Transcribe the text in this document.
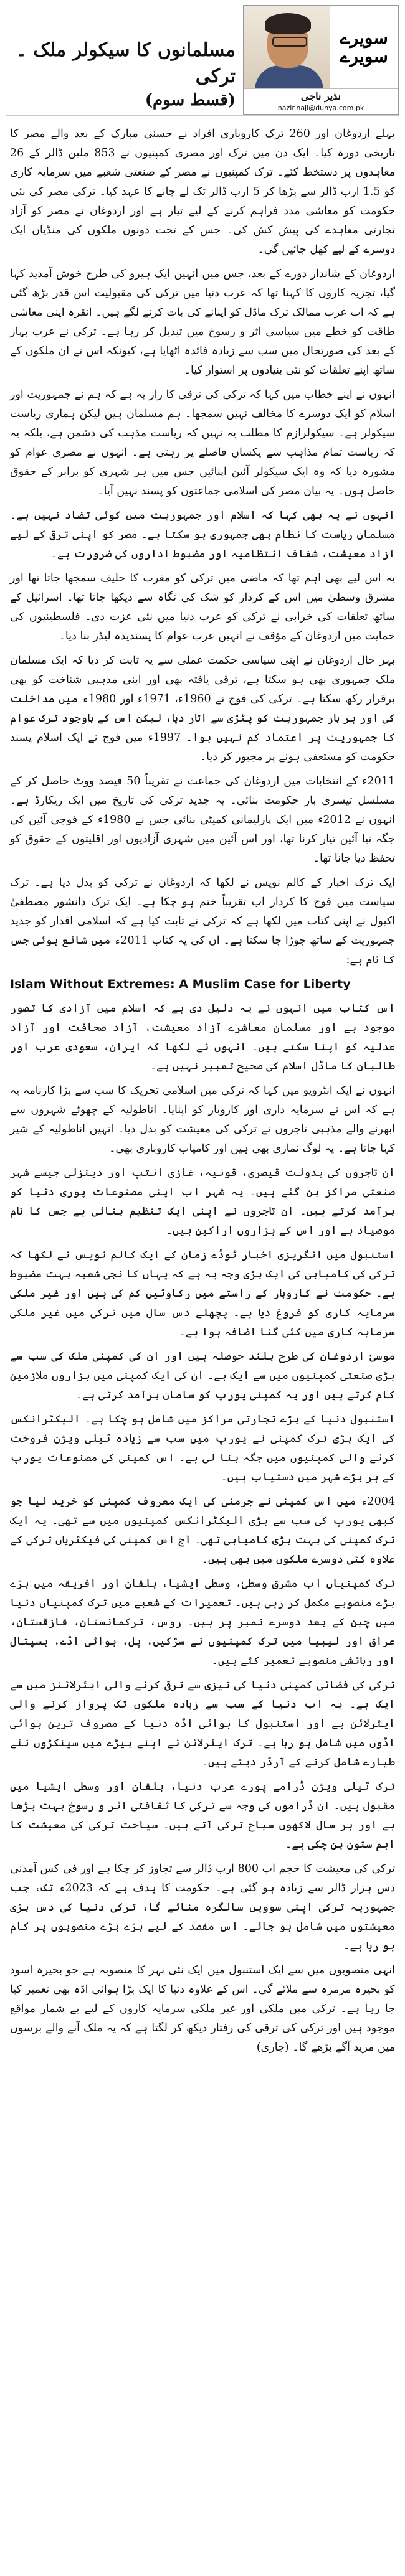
مسلمانوں کا سیکولر ملک ۔ ترکی
(قسط سوم)
سویرے
سویرے
نذیر ناجی
nazir.naji@dunya.com.pk

پہلے اردوغان اور 260 ترک کاروباری افراد نے حسنی مبارک کے بعد والے مصر کا تاریخی دورہ کیا۔ ایک دن میں ترک اور مصری کمپنیوں نے 853 ملین ڈالر کے 26 معاہدوں پر دستخط کئے۔ ترک کمپنیوں نے مصر کے صنعتی شعبے میں سرمایہ کاری کو 1.5 ارب ڈالر سے بڑھا کر 5 ارب ڈالر تک لے جانے کا عہد کیا۔ ترکی مصر کی نئی حکومت کو معاشی مدد فراہم کرنے کے لیے تیار ہے اور اردوغان نے مصر کو آزاد تجارتی معاہدے کی پیش کش کی۔ جس کے تحت دونوں ملکوں کی منڈیاں ایک دوسرے کے لیے کھل جائیں گی۔

اردوغان کے شاندار دورے کے بعد، جس میں انہیں ایک ہیرو کی طرح خوش آمدید کہا گیا، تجزیہ کاروں کا کہنا تھا کہ عرب دنیا میں ترکی کی مقبولیت اس قدر بڑھ گئی ہے کہ اب عرب ممالک ترک ماڈل کو اپنانے کی بات کرنے لگے ہیں۔ انقرہ اپنی معاشی طاقت کو خطے میں سیاسی اثر و رسوخ میں تبدیل کر رہا ہے۔ ترکی نے عرب بہار کے بعد کی صورتحال میں سب سے زیادہ فائدہ اٹھایا ہے، کیونکہ اس نے ان ملکوں کے ساتھ اپنے تعلقات کو نئی بنیادوں پر استوار کیا۔

انہوں نے اپنے خطاب میں کہا کہ ترکی کی ترقی کا راز یہ ہے کہ ہم نے جمہوریت اور اسلام کو ایک دوسرے کا مخالف نہیں سمجھا۔ ہم مسلمان ہیں لیکن ہماری ریاست سیکولر ہے۔ سیکولرازم کا مطلب یہ نہیں کہ ریاست مذہب کی دشمن ہے، بلکہ یہ کہ ریاست تمام مذاہب سے یکساں فاصلے پر رہتی ہے۔ انہوں نے مصری عوام کو مشورہ دیا کہ وہ ایک سیکولر آئین اپنائیں جس میں ہر شہری کو برابر کے حقوق حاصل ہوں۔ یہ بیان مصر کی اسلامی جماعتوں کو پسند نہیں آیا۔

انہوں نے یہ بھی کہا کہ اسلام اور جمہوریت میں کوئی تضاد نہیں ہے۔ مسلمان ریاست کا نظام بھی جمہوری ہو سکتا ہے۔ مصر کو اپنی ترقی کے لیے آزاد معیشت، شفاف انتظامیہ اور مضبوط اداروں کی ضرورت ہے۔

یہ اس لیے بھی اہم تھا کہ ماضی میں ترکی کو مغرب کا حلیف سمجھا جاتا تھا اور مشرق وسطیٰ میں اس کے کردار کو شک کی نگاہ سے دیکھا جاتا تھا۔ اسرائیل کے ساتھ تعلقات کی خرابی نے ترکی کو عرب دنیا میں نئی عزت دی۔ فلسطینیوں کی حمایت میں اردوغان کے مؤقف نے انہیں عرب عوام کا پسندیدہ لیڈر بنا دیا۔

بہر حال اردوغان نے اپنی سیاسی حکمت عملی سے یہ ثابت کر دیا کہ ایک مسلمان ملک جمہوری بھی ہو سکتا ہے، ترقی یافتہ بھی اور اپنی مذہبی شناخت کو بھی برقرار رکھ سکتا ہے۔ ترکی کی فوج نے 1960ء، 1971ء اور 1980ء میں مداخلت کی اور ہر بار جمہوریت کو پٹڑی سے اتار دیا، لیکن اس کے باوجود ترک عوام کا جمہوریت پر اعتماد کم نہیں ہوا۔ 1997ء میں فوج نے ایک اسلام پسند حکومت کو مستعفی ہونے پر مجبور کر دیا۔

2011ء کے انتخابات میں اردوغان کی جماعت نے تقریباً 50 فیصد ووٹ حاصل کر کے مسلسل تیسری بار حکومت بنائی۔ یہ جدید ترکی کی تاریخ میں ایک ریکارڈ ہے۔ انہوں نے 2012ء میں ایک پارلیمانی کمیٹی بنائی جس نے 1980ء کے فوجی آئین کی جگہ نیا آئین تیار کرنا تھا، اور اس آئین میں شہری آزادیوں اور اقلیتوں کے حقوق کو تحفظ دیا جانا تھا۔

ایک ترک اخبار کے کالم نویس نے لکھا کہ اردوغان نے ترکی کو بدل دیا ہے۔ ترک سیاست میں فوج کا کردار اب تقریباً ختم ہو چکا ہے۔ ایک ترک دانشور مصطفیٰ اکیول نے اپنی کتاب میں لکھا ہے کہ ترکی نے ثابت کیا ہے کہ اسلامی اقدار کو جدید جمہوریت کے ساتھ جوڑا جا سکتا ہے۔ ان کی یہ کتاب 2011ء میں شائع ہوئی جس کا نام ہے:

Islam Without Extremes: A Muslim Case for Liberty

اس کتاب میں انہوں نے یہ دلیل دی ہے کہ اسلام میں آزادی کا تصور موجود ہے اور مسلمان معاشرے آزاد معیشت، آزاد صحافت اور آزاد عدلیہ کو اپنا سکتے ہیں۔ انہوں نے لکھا کہ ایران، سعودی عرب اور طالبان کا ماڈل اسلام کی صحیح تعبیر نہیں ہے۔

انہوں نے ایک انٹرویو میں کہا کہ ترکی میں اسلامی تحریک کا سب سے بڑا کارنامہ یہ ہے کہ اس نے سرمایہ داری اور کاروبار کو اپنایا۔ اناطولیہ کے چھوٹے شہروں سے ابھرنے والے مذہبی تاجروں نے ترکی کی معیشت کو بدل دیا۔ انہیں اناطولیہ کے شیر کہا جاتا ہے۔ یہ لوگ نمازی بھی ہیں اور کامیاب کاروباری بھی۔

ان تاجروں کی بدولت قیصری، قونیہ، غازی انتپ اور دینزلی جیسے شہر صنعتی مراکز بن گئے ہیں۔ یہ شہر اب اپنی مصنوعات پوری دنیا کو برآمد کرتے ہیں۔ ان تاجروں نے اپنی ایک تنظیم بنائی ہے جس کا نام موصیاد ہے اور اس کے ہزاروں اراکین ہیں۔

استنبول میں انگریزی اخبار ٹوڈے زمان کے ایک کالم نویس نے لکھا کہ ترکی کی کامیابی کی ایک بڑی وجہ یہ ہے کہ یہاں کا نجی شعبہ بہت مضبوط ہے۔ حکومت نے کاروبار کے راستے میں رکاوٹیں کم کی ہیں اور غیر ملکی سرمایہ کاری کو فروغ دیا ہے۔ پچھلے دس سال میں ترکی میں غیر ملکی سرمایہ کاری میں کئی گنا اضافہ ہوا ہے۔

موسیٰ اردوغان کی طرح بلند حوصلہ ہیں اور ان کی کمپنی ملک کی سب سے بڑی صنعتی کمپنیوں میں سے ایک ہے۔ ان کی ایک کمپنی میں ہزاروں ملازمین کام کرتے ہیں اور یہ کمپنی یورپ کو سامان برآمد کرتی ہے۔

استنبول دنیا کے بڑے تجارتی مراکز میں شامل ہو چکا ہے۔ الیکٹرانکس کی ایک بڑی ترک کمپنی نے یورپ میں سب سے زیادہ ٹیلی ویژن فروخت کرنے والی کمپنیوں میں جگہ بنا لی ہے۔ اس کمپنی کی مصنوعات یورپ کے ہر بڑے شہر میں دستیاب ہیں۔

2004ء میں اس کمپنی نے جرمنی کی ایک معروف کمپنی کو خرید لیا جو کبھی یورپ کی سب سے بڑی الیکٹرانکس کمپنیوں میں سے تھی۔ یہ ایک ترک کمپنی کی بہت بڑی کامیابی تھی۔ آج اس کمپنی کی فیکٹریاں ترکی کے علاوہ کئی دوسرے ملکوں میں بھی ہیں۔

ترک کمپنیاں اب مشرق وسطیٰ، وسطی ایشیا، بلقان اور افریقہ میں بڑے بڑے منصوبے مکمل کر رہی ہیں۔ تعمیرات کے شعبے میں ترک کمپنیاں دنیا میں چین کے بعد دوسرے نمبر پر ہیں۔ روس، ترکمانستان، قازقستان، عراق اور لیبیا میں ترک کمپنیوں نے سڑکیں، پل، ہوائی اڈے، ہسپتال اور رہائشی منصوبے تعمیر کئے ہیں۔

ترکی کی فضائی کمپنی دنیا کی تیزی سے ترقی کرنے والی ایئرلائنز میں سے ایک ہے۔ یہ اب دنیا کے سب سے زیادہ ملکوں تک پرواز کرنے والی ایئرلائن ہے اور استنبول کا ہوائی اڈہ دنیا کے مصروف ترین ہوائی اڈوں میں شامل ہو رہا ہے۔ ترک ایئرلائن نے اپنے بیڑے میں سینکڑوں نئے طیارے شامل کرنے کے آرڈر دیئے ہیں۔

ترک ٹیلی ویژن ڈرامے پورے عرب دنیا، بلقان اور وسطی ایشیا میں مقبول ہیں۔ ان ڈراموں کی وجہ سے ترکی کا ثقافتی اثر و رسوخ بہت بڑھا ہے اور ہر سال لاکھوں سیاح ترکی آتے ہیں۔ سیاحت ترکی کی معیشت کا اہم ستون بن چکی ہے۔

ترکی کی معیشت کا حجم اب 800 ارب ڈالر سے تجاوز کر چکا ہے اور فی کس آمدنی دس ہزار ڈالر سے زیادہ ہو گئی ہے۔ حکومت کا ہدف ہے کہ 2023ء تک، جب جمہوریہ ترکی اپنی سوویں سالگرہ منائے گا، ترکی دنیا کی دس بڑی معیشتوں میں شامل ہو جائے۔ اس مقصد کے لیے بڑے بڑے منصوبوں پر کام ہو رہا ہے۔

انہی منصوبوں میں سے ایک استنبول میں ایک نئی نہر کا منصوبہ ہے جو بحیرہ اسود کو بحیرہ مرمرہ سے ملائے گی۔ اس کے علاوہ دنیا کا ایک بڑا ہوائی اڈہ بھی تعمیر کیا جا رہا ہے۔ ترکی میں ملکی اور غیر ملکی سرمایہ کاروں کے لیے بے شمار مواقع موجود ہیں اور ترکی کی ترقی کی رفتار دیکھ کر لگتا ہے کہ یہ ملک آنے والے برسوں میں مزید آگے بڑھے گا۔ (جاری)
